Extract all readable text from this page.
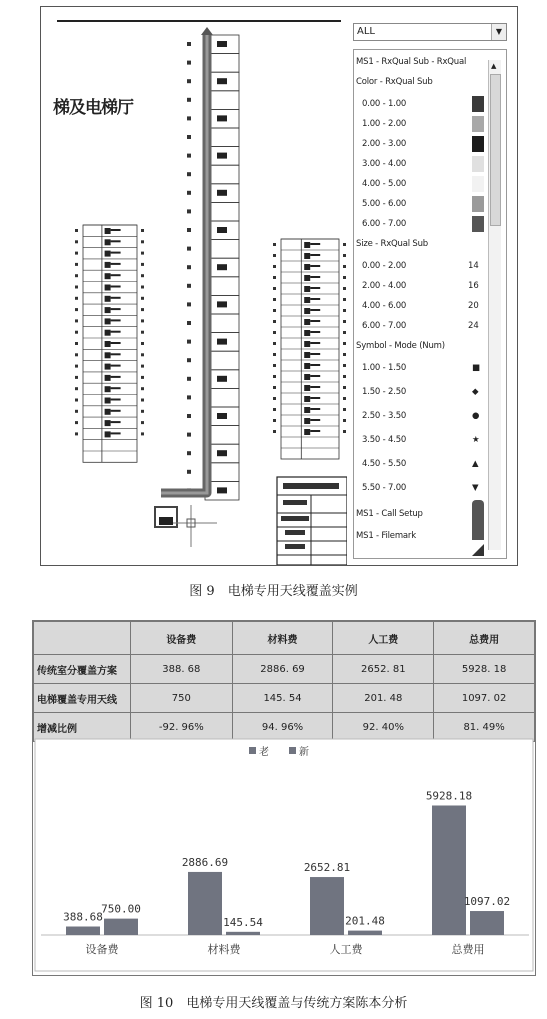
梯及电梯厅
ALL	▼
MS1 - RxQual Sub - RxQual
Color - RxQual Sub
Size - RxQual Sub
Symbol - Mode (Num)
MS1 - Call Setup
MS1 - Filemark
▲
0.00 - 1.00
1.00 - 2.00
2.00 - 3.00
3.00 - 4.00
4.00 - 5.00
5.00 - 6.00
6.00 - 7.00
0.00 - 2.00	14
2.00 - 4.00	16
4.00 - 6.00	20
6.00 - 7.00	24
1.00 - 1.50	■
1.50 - 2.50	◆
2.50 - 3.50	●
3.50 - 4.50	★
4.50 - 5.50	▲
5.50 - 7.00	▼
图 9　电梯专用天线覆盖实例
	设备费	材料费	人工费	总费用
传统室分覆盖方案	388. 68	2886. 69	2652. 81	5928. 18
电梯覆盖专用天线	750	145. 54	201. 48	1097. 02
增减比例	-92. 96%	94. 96%	92. 40%	81. 49%
388.68
750.00
设备费
2886.69
145.54
材料费
2652.81
201.48
人工费
5928.18
1097.02
总费用
老	新
图 10　电梯专用天线覆盖与传统方案陈本分析
